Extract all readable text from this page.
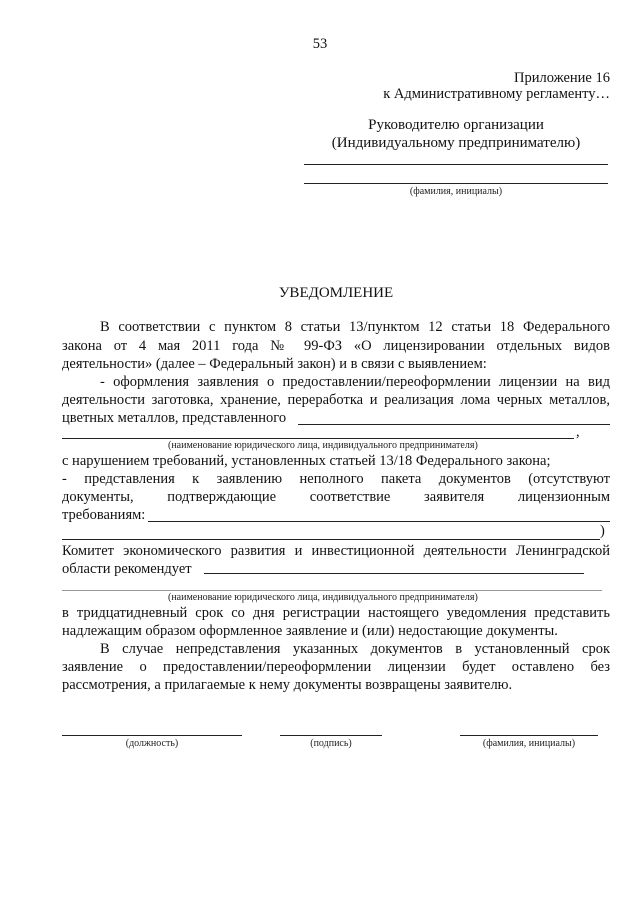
53
Приложение 16
к Административному регламенту…
Руководителю организации
(Индивидуальному предпринимателю)
(фамилия, инициалы)
УВЕДОМЛЕНИЕ
В соответствии с пунктом 8 статьи 13/пунктом 12 статьи 18 Федерального
закона от 4 мая 2011 года № 99-ФЗ «О лицензировании отдельных видов
деятельности» (далее – Федеральный закон) и в связи с выявлением:
- оформления заявления о предоставлении/переоформлении лицензии на вид
деятельности заготовка, хранение, переработка и реализация лома черных металлов,
цветных металлов, представленного
,
(наименование юридического лица, индивидуального предпринимателя)
с нарушением требований, установленных статьей 13/18 Федерального закона;
- представления к заявлению неполного пакета документов (отсутствуют
документы, подтверждающие соответствие заявителя лицензионным
требованиям:
)
Комитет экономического развития и инвестиционной деятельности Ленинградской
области рекомендует
(наименование юридического лица, индивидуального предпринимателя)
в тридцатидневный срок со дня регистрации настоящего уведомления представить
надлежащим образом оформленное заявление и (или) недостающие документы.
В случае непредставления указанных документов в установленный срок
заявление о предоставлении/переоформлении лицензии будет оставлено без
рассмотрения, а прилагаемые к нему документы возвращены заявителю.
(должность)	(подпись)	(фамилия, инициалы)
